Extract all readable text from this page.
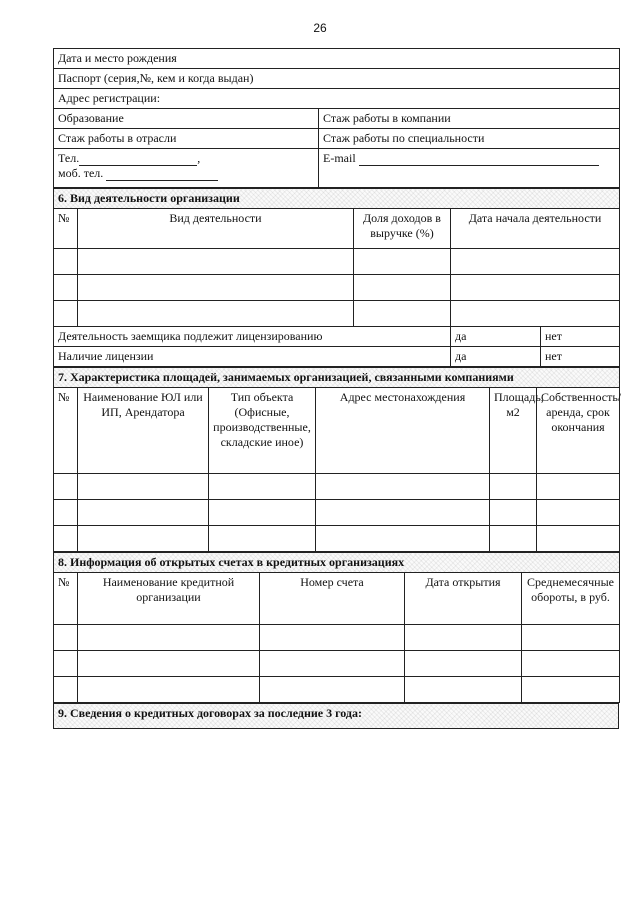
26
Дата и место рождения	
Паспорт (серия,№, кем и когда выдан)	
Адрес регистрации:	
Образование	Стаж работы в компании
Стаж работы в отрасли	Стаж работы по специальности
Тел. ,
моб. тел.	E-mail
6. Вид деятельности организации				
№	Вид деятельности	Доля доходов в выручке (%)	Дата начала деятельности	

Деятельность заемщика подлежит лицензированию			да	нет
Наличие лицензии			да	нет
7. Характеристика площадей, занимаемых организацией, связанными компаниями					
№	Наименование ЮЛ или ИП, Арендатора	Тип объекта (Офисные, производственные, складские иное)	Адрес местонахождения	Площадь, м2	Собственность/аренда, срок окончания

8. Информация об открытых счетах в кредитных организациях				
№	Наименование кредитной организации	Номер счета	Дата открытия	Среднемесячные обороты, в руб.

9. Сведения о кредитных договорах за последние 3 года:
